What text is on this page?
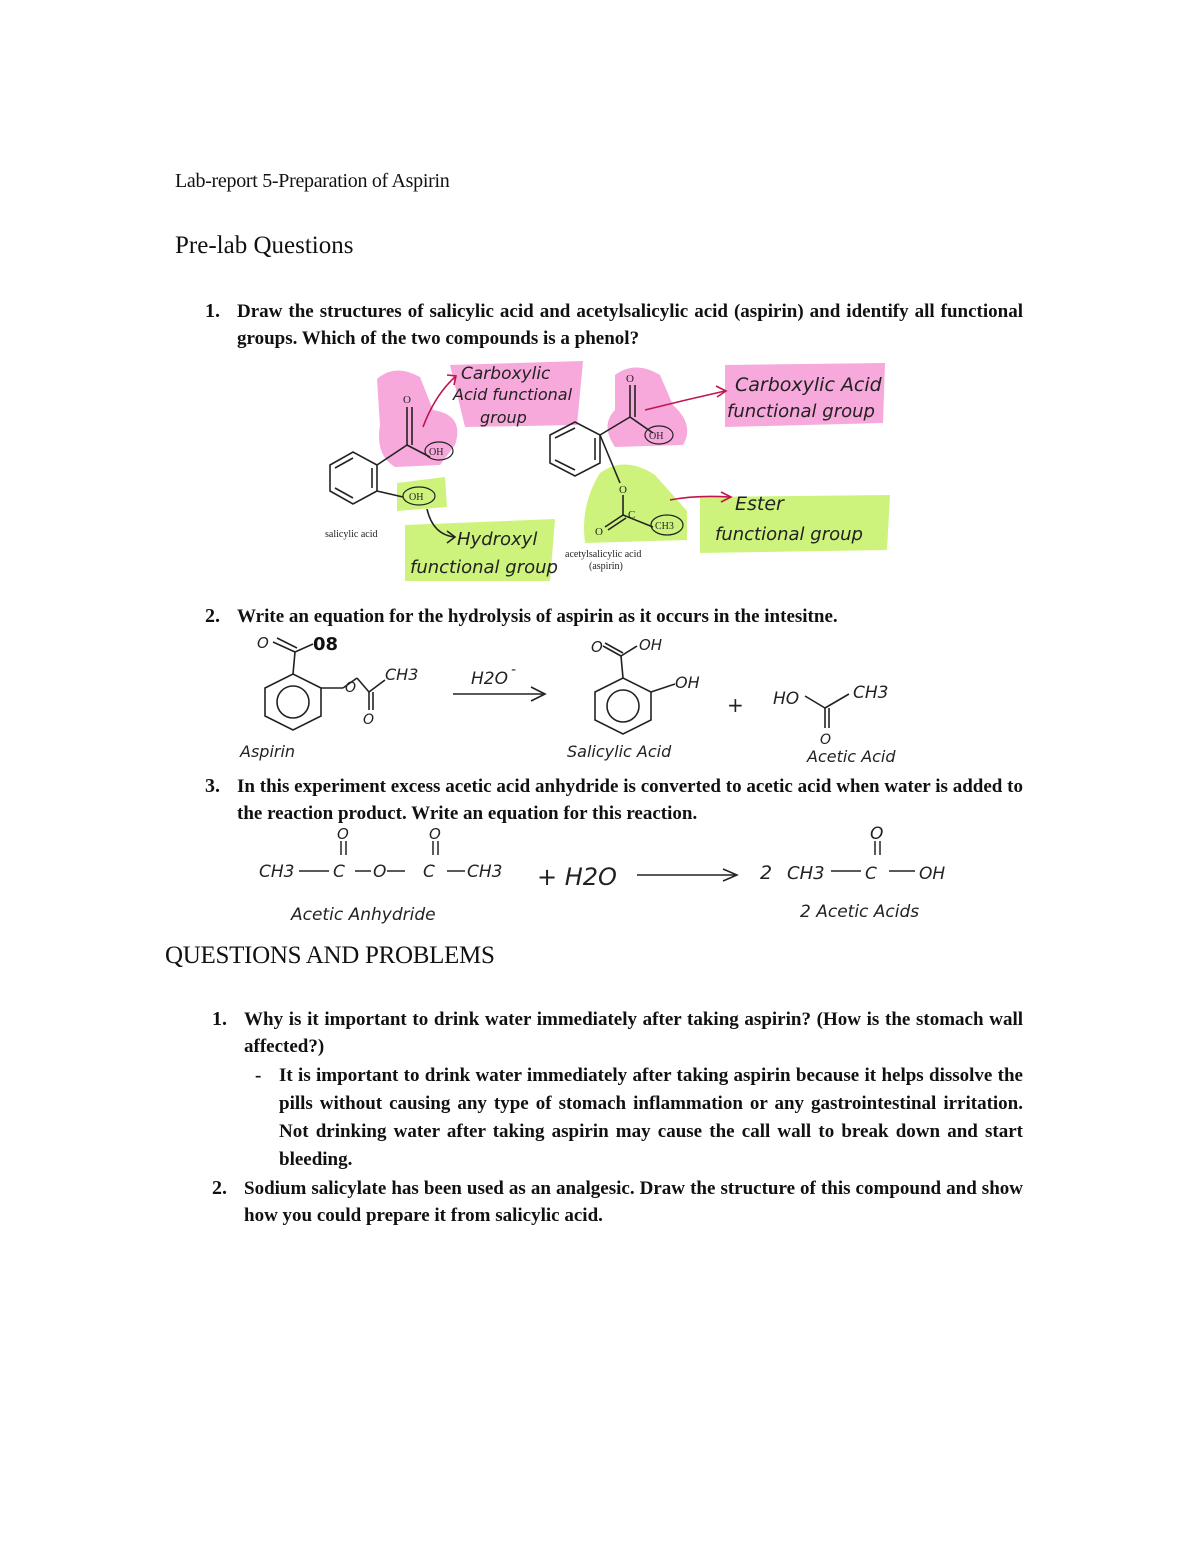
Lab-report 5-Preparation of Aspirin
Pre-lab Questions
1. Draw the structures of salicylic acid and acetylsalicylic acid (aspirin) and identify all functional groups. Which of the two compounds is a phenol?
O
OH
OH
salicylic acid
Carboxylic
Acid functional
group
Hydroxyl
functional group
O
OH
O
C
O	CH3
acetylsalicylic acid
(aspirin)
Carboxylic Acid
functional group
Ester
functional group
2. Write an equation for the hydrolysis of aspirin as it occurs in the intesitne.
O 08
O
CH3
O
H2O -
O OH
OH
+ HO	CH3
O
Aspirin	Salicylic Acid	Acetic Acid
3. In this experiment excess acetic acid anhydride is converted to acetic acid when water is added to the reaction product. Write an equation for this reaction.
CH3
O
C O
O
C CH3 + H2O	2 CH3
O
C OH
Acetic Anhydride	2 Acetic Acids
QUESTIONS AND PROBLEMS
1. Why is it important to drink water immediately after taking aspirin? (How is the stomach wall affected?)
- It is important to drink water immediately after taking aspirin because it helps dissolve the pills without causing any type of stomach inflammation or any gastrointestinal irritation. Not drinking water after taking aspirin may cause the call wall to break down and start bleeding.
2. Sodium salicylate has been used as an analgesic. Draw the structure of this compound and show how you could prepare it from salicylic acid.
